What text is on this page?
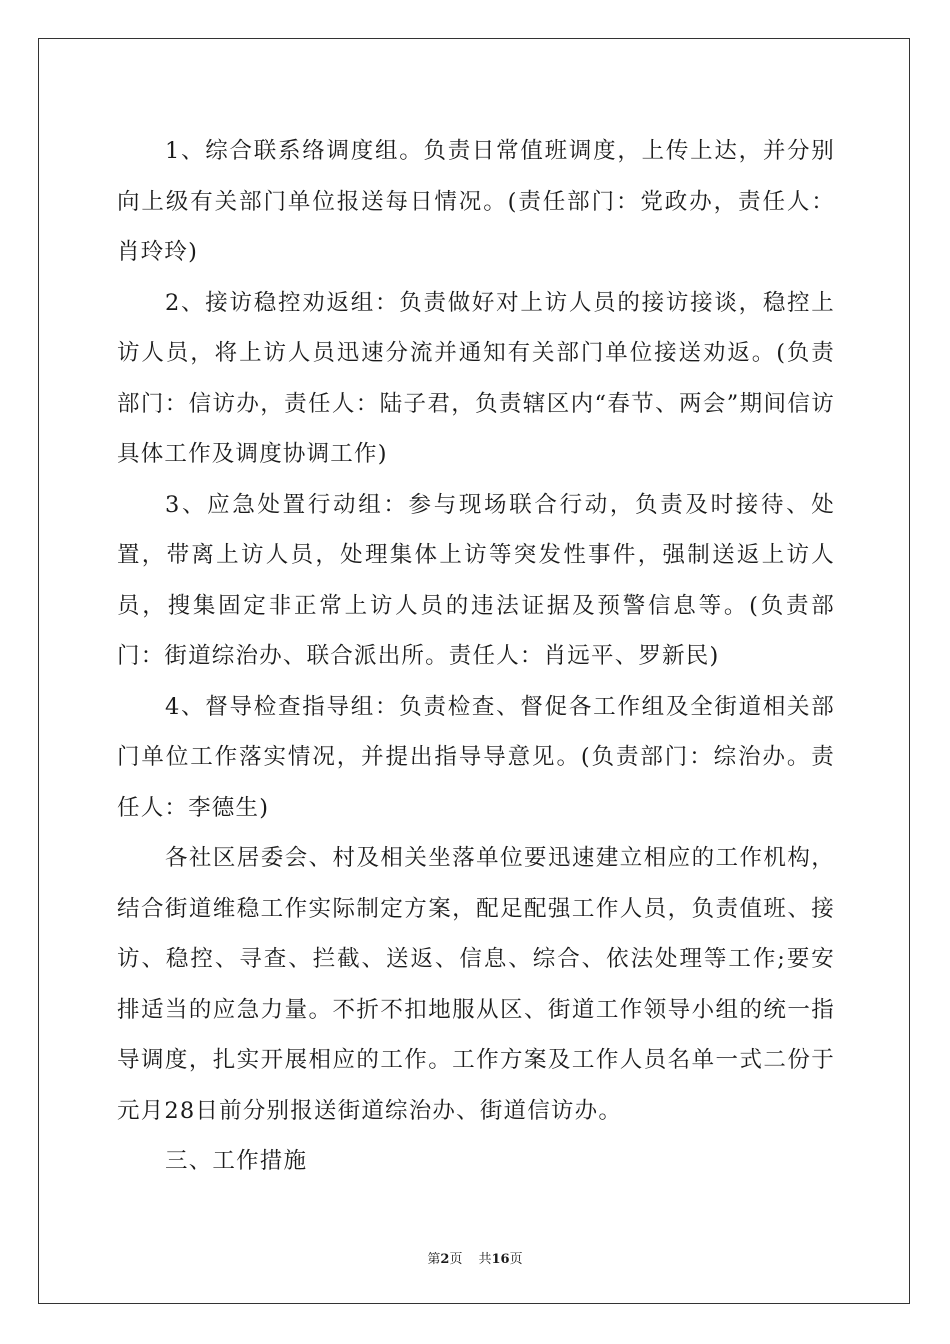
1、综合联系络调度组。负责日常值班调度，上传上达，并分别向上级有关部门单位报送每日情况。(责任部门：党政办，责任人：肖玲玲)

2、接访稳控劝返组：负责做好对上访人员的接访接谈，稳控上访人员，将上访人员迅速分流并通知有关部门单位接送劝返。(负责部门：信访办，责任人：陆子君，负责辖区内“春节、两会”期间信访具体工作及调度协调工作)

3、应急处置行动组：参与现场联合行动，负责及时接待、处置，带离上访人员，处理集体上访等突发性事件，强制送返上访人员，搜集固定非正常上访人员的违法证据及预警信息等。(负责部门：街道综治办、联合派出所。责任人：肖远平、罗新民)

4、督导检查指导组：负责检查、督促各工作组及全街道相关部门单位工作落实情况，并提出指导导意见。(负责部门：综治办。责任人：李德生)

各社区居委会、村及相关坐落单位要迅速建立相应的工作机构，结合街道维稳工作实际制定方案，配足配强工作人员，负责值班、接访、稳控、寻查、拦截、送返、信息、综合、依法处理等工作;要安排适当的应急力量。不折不扣地服从区、街道工作领导小组的统一指导调度，扎实开展相应的工作。工作方案及工作人员名单一式二份于元月28日前分别报送街道综治办、街道信访办。

三、工作措施

第2页 共16页
